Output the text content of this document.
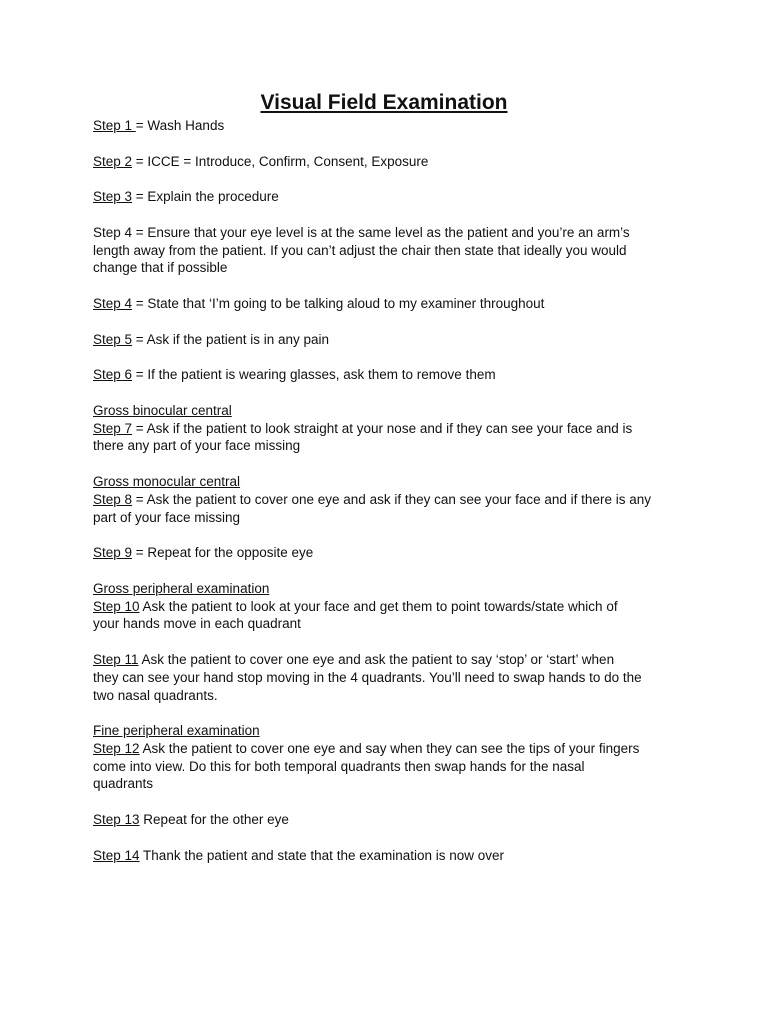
Visual Field Examination
Step 1 = Wash Hands
Step 2 = ICCE = Introduce, Confirm, Consent, Exposure
Step 3 = Explain the procedure
Step 4 = Ensure that your eye level is at the same level as the patient and you’re an arm’s
length away from the patient. If you can’t adjust the chair then state that ideally you would
change that if possible
Step 4 = State that ‘I’m going to be talking aloud to my examiner throughout
Step 5 = Ask if the patient is in any pain
Step 6 = If the patient is wearing glasses, ask them to remove them
Gross binocular central
Step 7 = Ask if the patient to look straight at your nose and if they can see your face and is
there any part of your face missing
Gross monocular central
Step 8 = Ask the patient to cover one eye and ask if they can see your face and if there is any
part of your face missing
Step 9 = Repeat for the opposite eye
Gross peripheral examination
Step 10 Ask the patient to look at your face and get them to point towards/state which of
your hands move in each quadrant
Step 11 Ask the patient to cover one eye and ask the patient to say ‘stop’ or ‘start’ when
they can see your hand stop moving in the 4 quadrants. You’ll need to swap hands to do the
two nasal quadrants.
Fine peripheral examination
Step 12 Ask the patient to cover one eye and say when they can see the tips of your fingers
come into view. Do this for both temporal quadrants then swap hands for the nasal
quadrants
Step 13 Repeat for the other eye
Step 14 Thank the patient and state that the examination is now over
